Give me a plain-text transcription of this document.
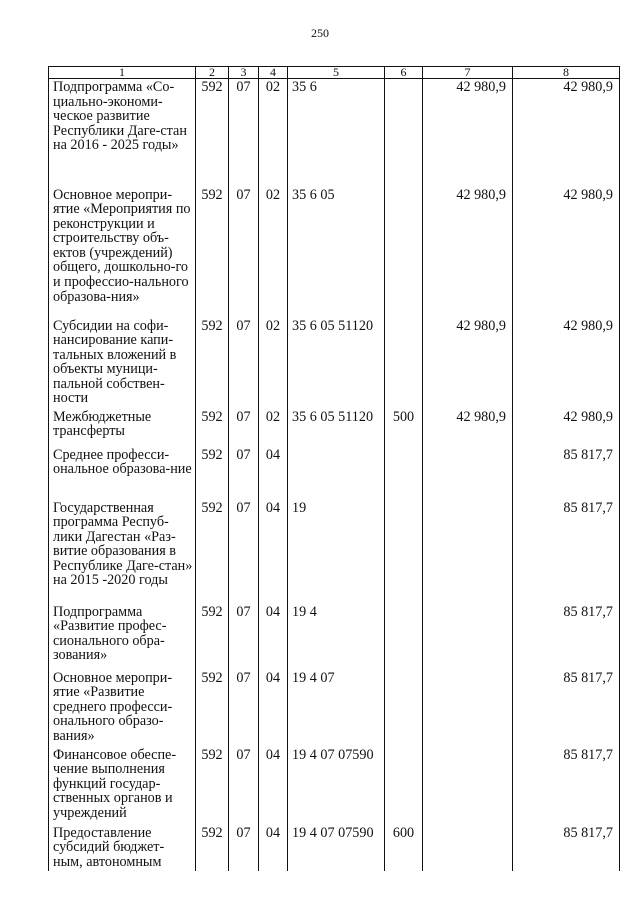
250
1	2	3	4	5	6	7	8
Подпрограмма «Со-циально-экономи-ческое развитие Республики Даге-стан на 2016 - 2025 годы»	592	07	02	35 6		42 980,9	42 980,9
Основное меропри-ятие «Мероприятия по реконструкции и строительству объ-ектов (учреждений) общего, дошкольно-го и профессио-нального образова-ния»	592	07	02	35 6 05		42 980,9	42 980,9
Субсидии на софи-нансирование капи-тальных вложений в объекты муници-пальной собствен-ности	592	07	02	35 6 05 51120		42 980,9	42 980,9
Межбюджетные трансферты	592	07	02	35 6 05 51120	500	42 980,9	42 980,9
Среднее професси-ональное образова-ние	592	07	04				85 817,7
Государственная программа Респуб-лики Дагестан «Раз-витие образования в Республике Даге-стан» на 2015 -2020 годы	592	07	04	19			85 817,7
Подпрограмма «Развитие профес-сионального обра-зования»	592	07	04	19 4			85 817,7
Основное меропри-ятие «Развитие среднего професси-онального образо-вания»	592	07	04	19 4 07			85 817,7
Финансовое обеспе-чение выполнения функций государ-ственных органов и учреждений	592	07	04	19 4 07 07590			85 817,7
Предоставление субсидий бюджет-ным, автономным	592	07	04	19 4 07 07590	600		85 817,7
